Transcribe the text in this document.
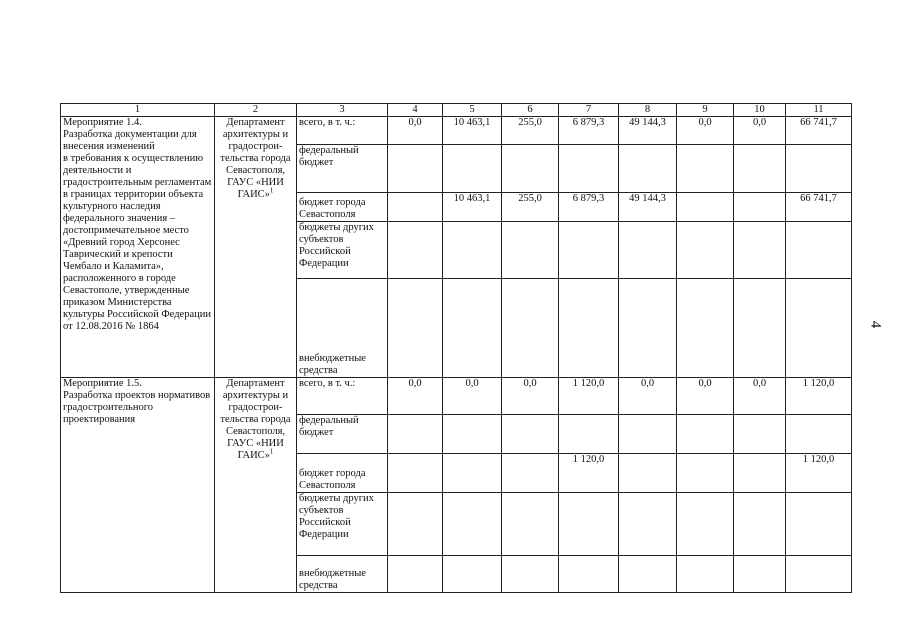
1	2	3	4	5	6	7	8	9	10	11
Мероприятие 1.4.
Разработка документации для внесения изменений
в требования к осуществлению деятельности и градостроительным регламентам в границах территории объекта культурного наследия федерального значения – достопримечательное место «Древний город Херсонес Таврический и крепости Чембало и Каламита», расположенного в городе Севастополе, утвержденные приказом Министерства культуры Российской Федерации от 12.08.2016 № 1864	Департамент архитектуры и градострои-тельства города Севастополя, ГАУС «НИИ ГАИС»$^1$	всего, в т. ч.:	0,0	10 463,1	255,0	6 879,3	49 144,3	0,0	0,0	66 741,7
		федеральный бюджет								
		бюджет города Севастополя		10 463,1	255,0	6 879,3	49 144,3			66 741,7
		бюджеты других субъектов Российской Федерации								
		внебюджетные средства								
Мероприятие 1.5.
Разработка проектов нормативов градостроительного проектирования	Департамент архитектуры и градострои-тельства города Севастополя, ГАУС «НИИ ГАИС»$^1$	всего, в т. ч.:	0,0	0,0	0,0	1 120,0	0,0	0,0	0,0	1 120,0
		федеральный бюджет								
		бюджет города Севастополя				1 120,0				1 120,0
		бюджеты других субъектов Российской Федерации								
		внебюджетные средства								
4
